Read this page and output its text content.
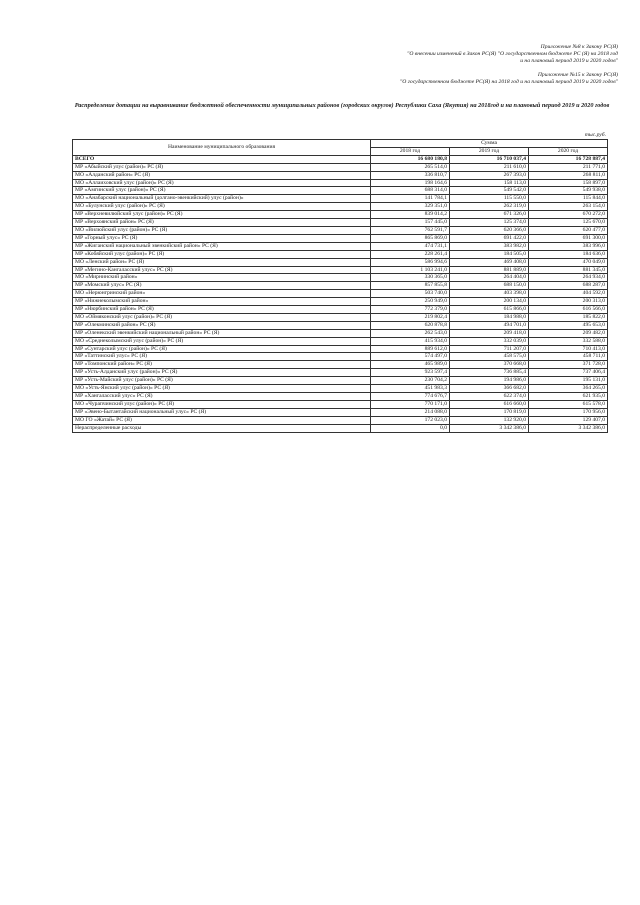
Приложение №8 к Закону РС(Я)
"О внесении изменений в Закон РС(Я) "О государственном бюджете РС (Я) на 2018 год
и на плановый период 2019 и 2020 годов"
Приложение №15 к Закону РС(Я)
"О государственном бюджете РС(Я) на 2018 год и на плановый период 2019 и 2020 годов"
Распределение дотации на выравнивание бюджетной обеспеченности муниципальных районов (городских округов) Республики Саха (Якутия) на 2018год и на плановый период 2019 и 2020 годов
тыс.руб.
Наименование муниципального образования	Сумма		
	2018 год	2019 год	2020 год
ВСЕГО	16 680 180,8	16 710 037,4	16 728 887,4
МР «Абыйский улус (район)» РС (Я)	265 514,0	211 610,0	211 771,0
МО «Алданский район» РС (Я)	336 810,7	267 393,0	268 811,0
МО «Аллаиховский улус (район)» РС (Я)	198 164,6	158 113,0	158 897,0
МР «Амгинский улус (район)» РС (Я)	688 314,0	549 542,0	549 938,0
МО «Анабарский национальный (долгано-эвенкийский) улус (район)»	141 784,1	115 550,0	115 844,0
МО «Булунский улус (район)» РС (Я)	329 351,0	262 319,0	263 154,0
МР «Верхневилюйский улус (район)» РС (Я)	839 014,2	671 326,0	670 272,0
МР «Верхоянский район» РС (Я)	157 445,0	125 374,0	125 670,0
МО «Вилюйский улус (район)» РС (Я)	762 591,7	620 366,0	620 477,0
МР «Горный улус» РС (Я)	865 869,0	691 422,0	691 300,0
МР «Жиганский национальный эвенкийский район» РС (Я)	474 731,1	383 982,0	383 996,0
МР «Кобяйский улус (район)» РС (Я)	228 261,4	184 505,0	184 636,0
МО «Ленский район» РС (Я)	586 994,6	469 408,0	470 049,0
МР «Мегино-Кангаласский улус» РС (Я)	1 103 241,0	881 889,0	881 345,0
МО «Мирнинский район»	330 365,0	264 404,0	264 934,0
МР «Момский улус» РС (Я)	857 855,8	688 150,0	688 287,0
МО «Нерюнгринский район»	503 740,0	403 398,0	404 592,0
МР «Нижнеколымский район»	250 949,0	200 134,0	200 313,0
МР «Нюрбинский район» РС (Я)	772 379,0	615 866,0	616 566,0
МО «Оймяконский улус (район)» РС (Я)	219 802,4	184 988,0	185 822,0
МР «Олекминский район» РС (Я)	620 878,8	494 701,0	495 653,0
МР «Оленекский эвенкийский национальный район» РС (Я)	262 543,0	209 418,0	209 482,0
МО «Среднеколымский улус (район)» РС (Я)	415 934,0	332 039,0	332 588,0
МР «Сунтарский улус (район)» РС (Я)	889 612,0	711 207,0	710 413,0
МР «Таттинский улус» РС (Я)	574 497,0	458 575,0	458 711,0
МР «Томпонский район» РС (Я)	465 989,0	370 668,0	371 728,0
МР «Усть-Алданский улус (район)» РС (Я)	923 597,4	736 885,4	737 406,4
МР «Усть-Майский улус (район)» РС (Я)	230 704,2	194 986,0	195 131,0
МО «Усть-Янский улус (район)» РС (Я)	451 983,3	366 682,0	364 265,0
МР «Хангаласский улус» РС (Я)	774 676,7	622 374,0	621 935,0
МО «Чурапчинский улус (район)» РС (Я)	770 171,0	616 660,0	615 578,0
МР «Эвено-Бытантайский национальный улус» РС (Я)	214 088,0	170 819,0	170 956,0
МО ГО «Жатай» РС (Я)	172 023,0	132 920,0	129 407,0
Нераспределенные расходы	0,0	3 342 386,0	3 342 386,0
